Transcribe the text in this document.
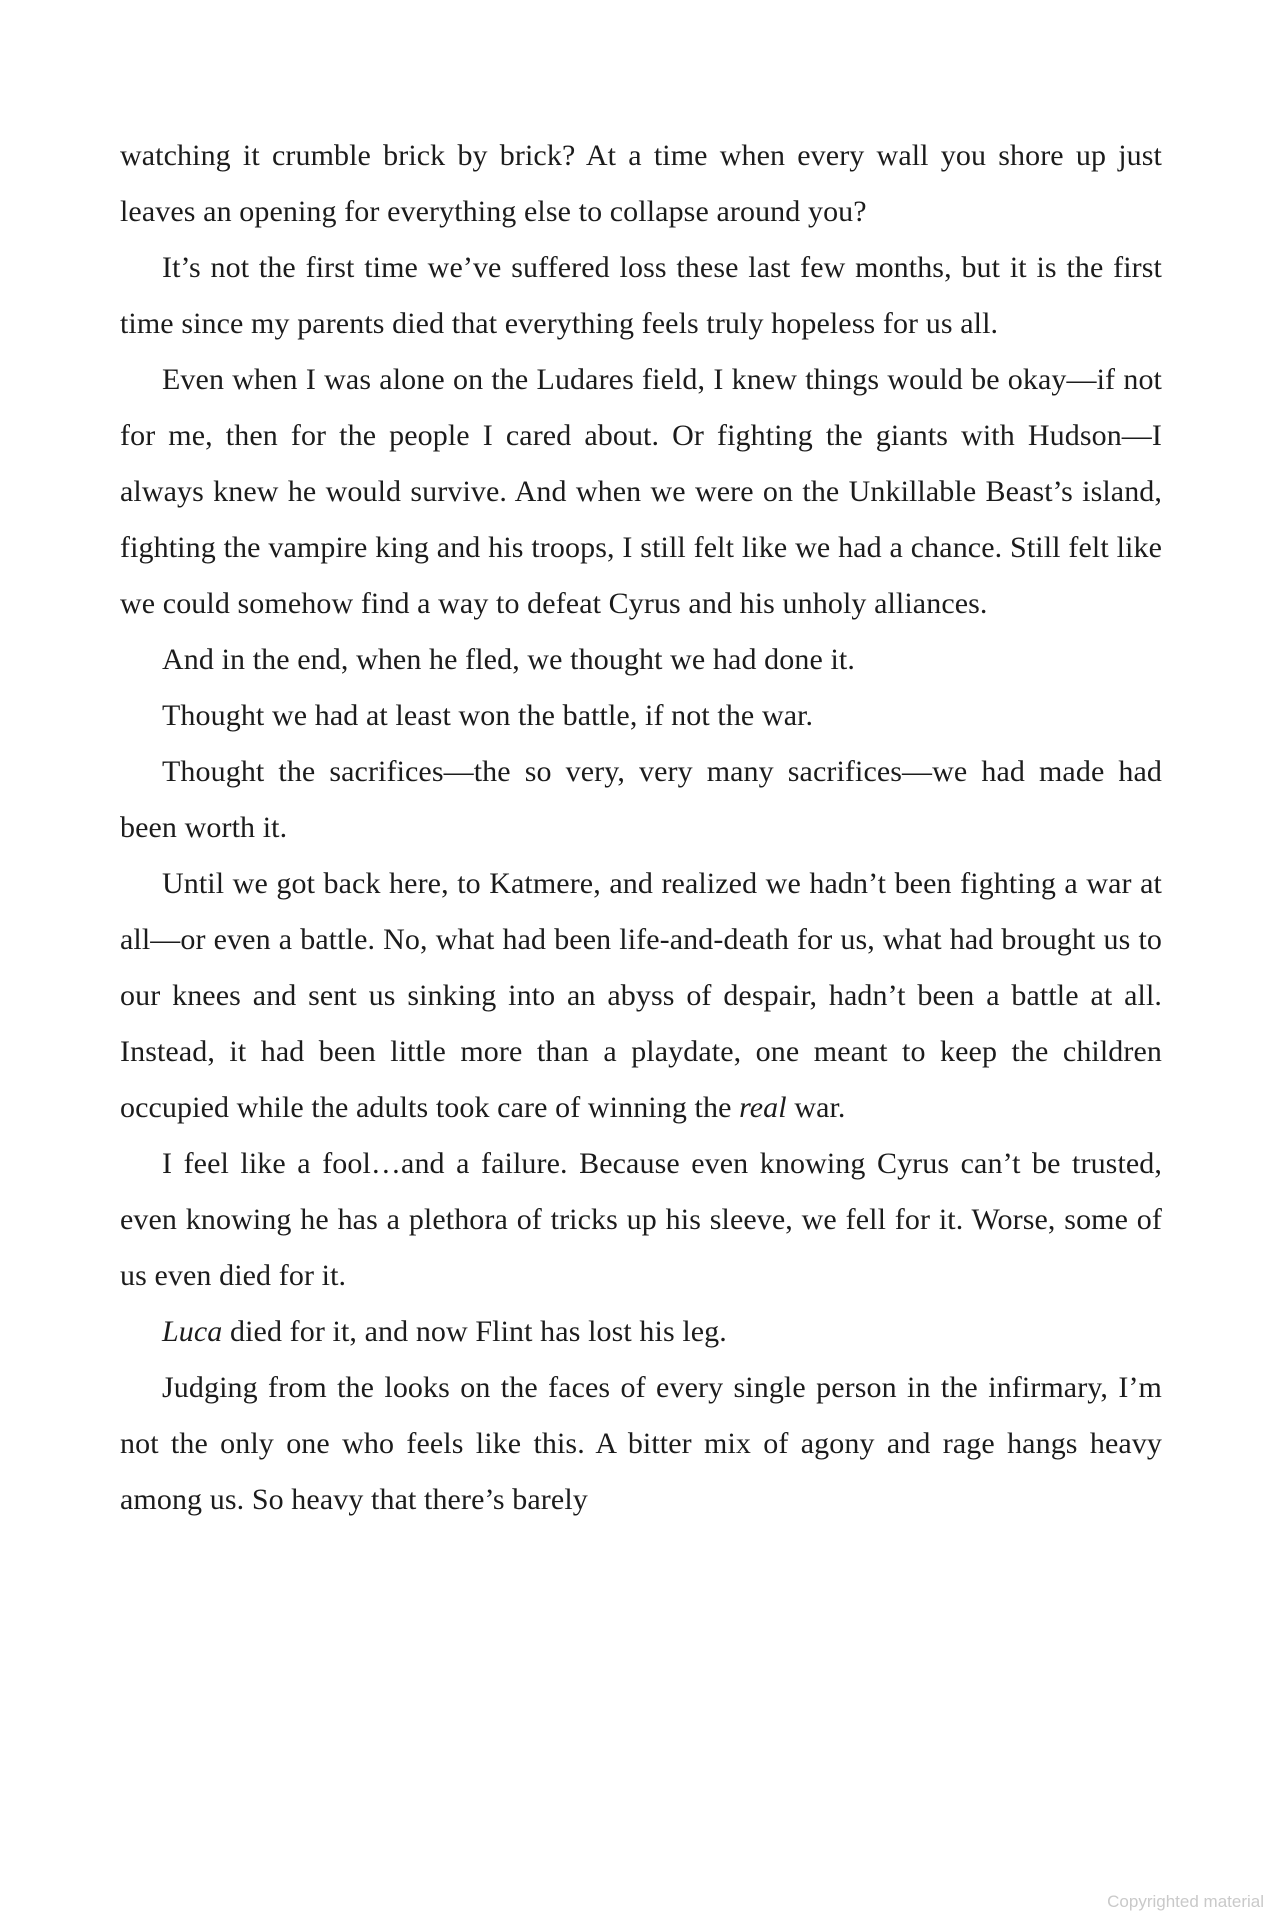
watching it crumble brick by brick? At a time when every wall you shore up just leaves an opening for everything else to collapse around you?

It’s not the first time we’ve suffered loss these last few months, but it is the first time since my parents died that everything feels truly hopeless for us all.

Even when I was alone on the Ludares field, I knew things would be okay—if not for me, then for the people I cared about. Or fighting the giants with Hudson—I always knew he would survive. And when we were on the Unkillable Beast’s island, fighting the vampire king and his troops, I still felt like we had a chance. Still felt like we could somehow find a way to defeat Cyrus and his unholy alliances.

And in the end, when he fled, we thought we had done it.

Thought we had at least won the battle, if not the war.

Thought the sacrifices—the so very, very many sacrifices—we had made had been worth it.

Until we got back here, to Katmere, and realized we hadn’t been fighting a war at all—or even a battle. No, what had been life-and-death for us, what had brought us to our knees and sent us sinking into an abyss of despair, hadn’t been a battle at all. Instead, it had been little more than a playdate, one meant to keep the children occupied while the adults took care of winning the real war.

I feel like a fool…and a failure. Because even knowing Cyrus can’t be trusted, even knowing he has a plethora of tricks up his sleeve, we fell for it. Worse, some of us even died for it.

Luca died for it, and now Flint has lost his leg.

Judging from the looks on the faces of every single person in the infirmary, I’m not the only one who feels like this. A bitter mix of agony and rage hangs heavy among us. So heavy that there’s barely

Copyrighted material
